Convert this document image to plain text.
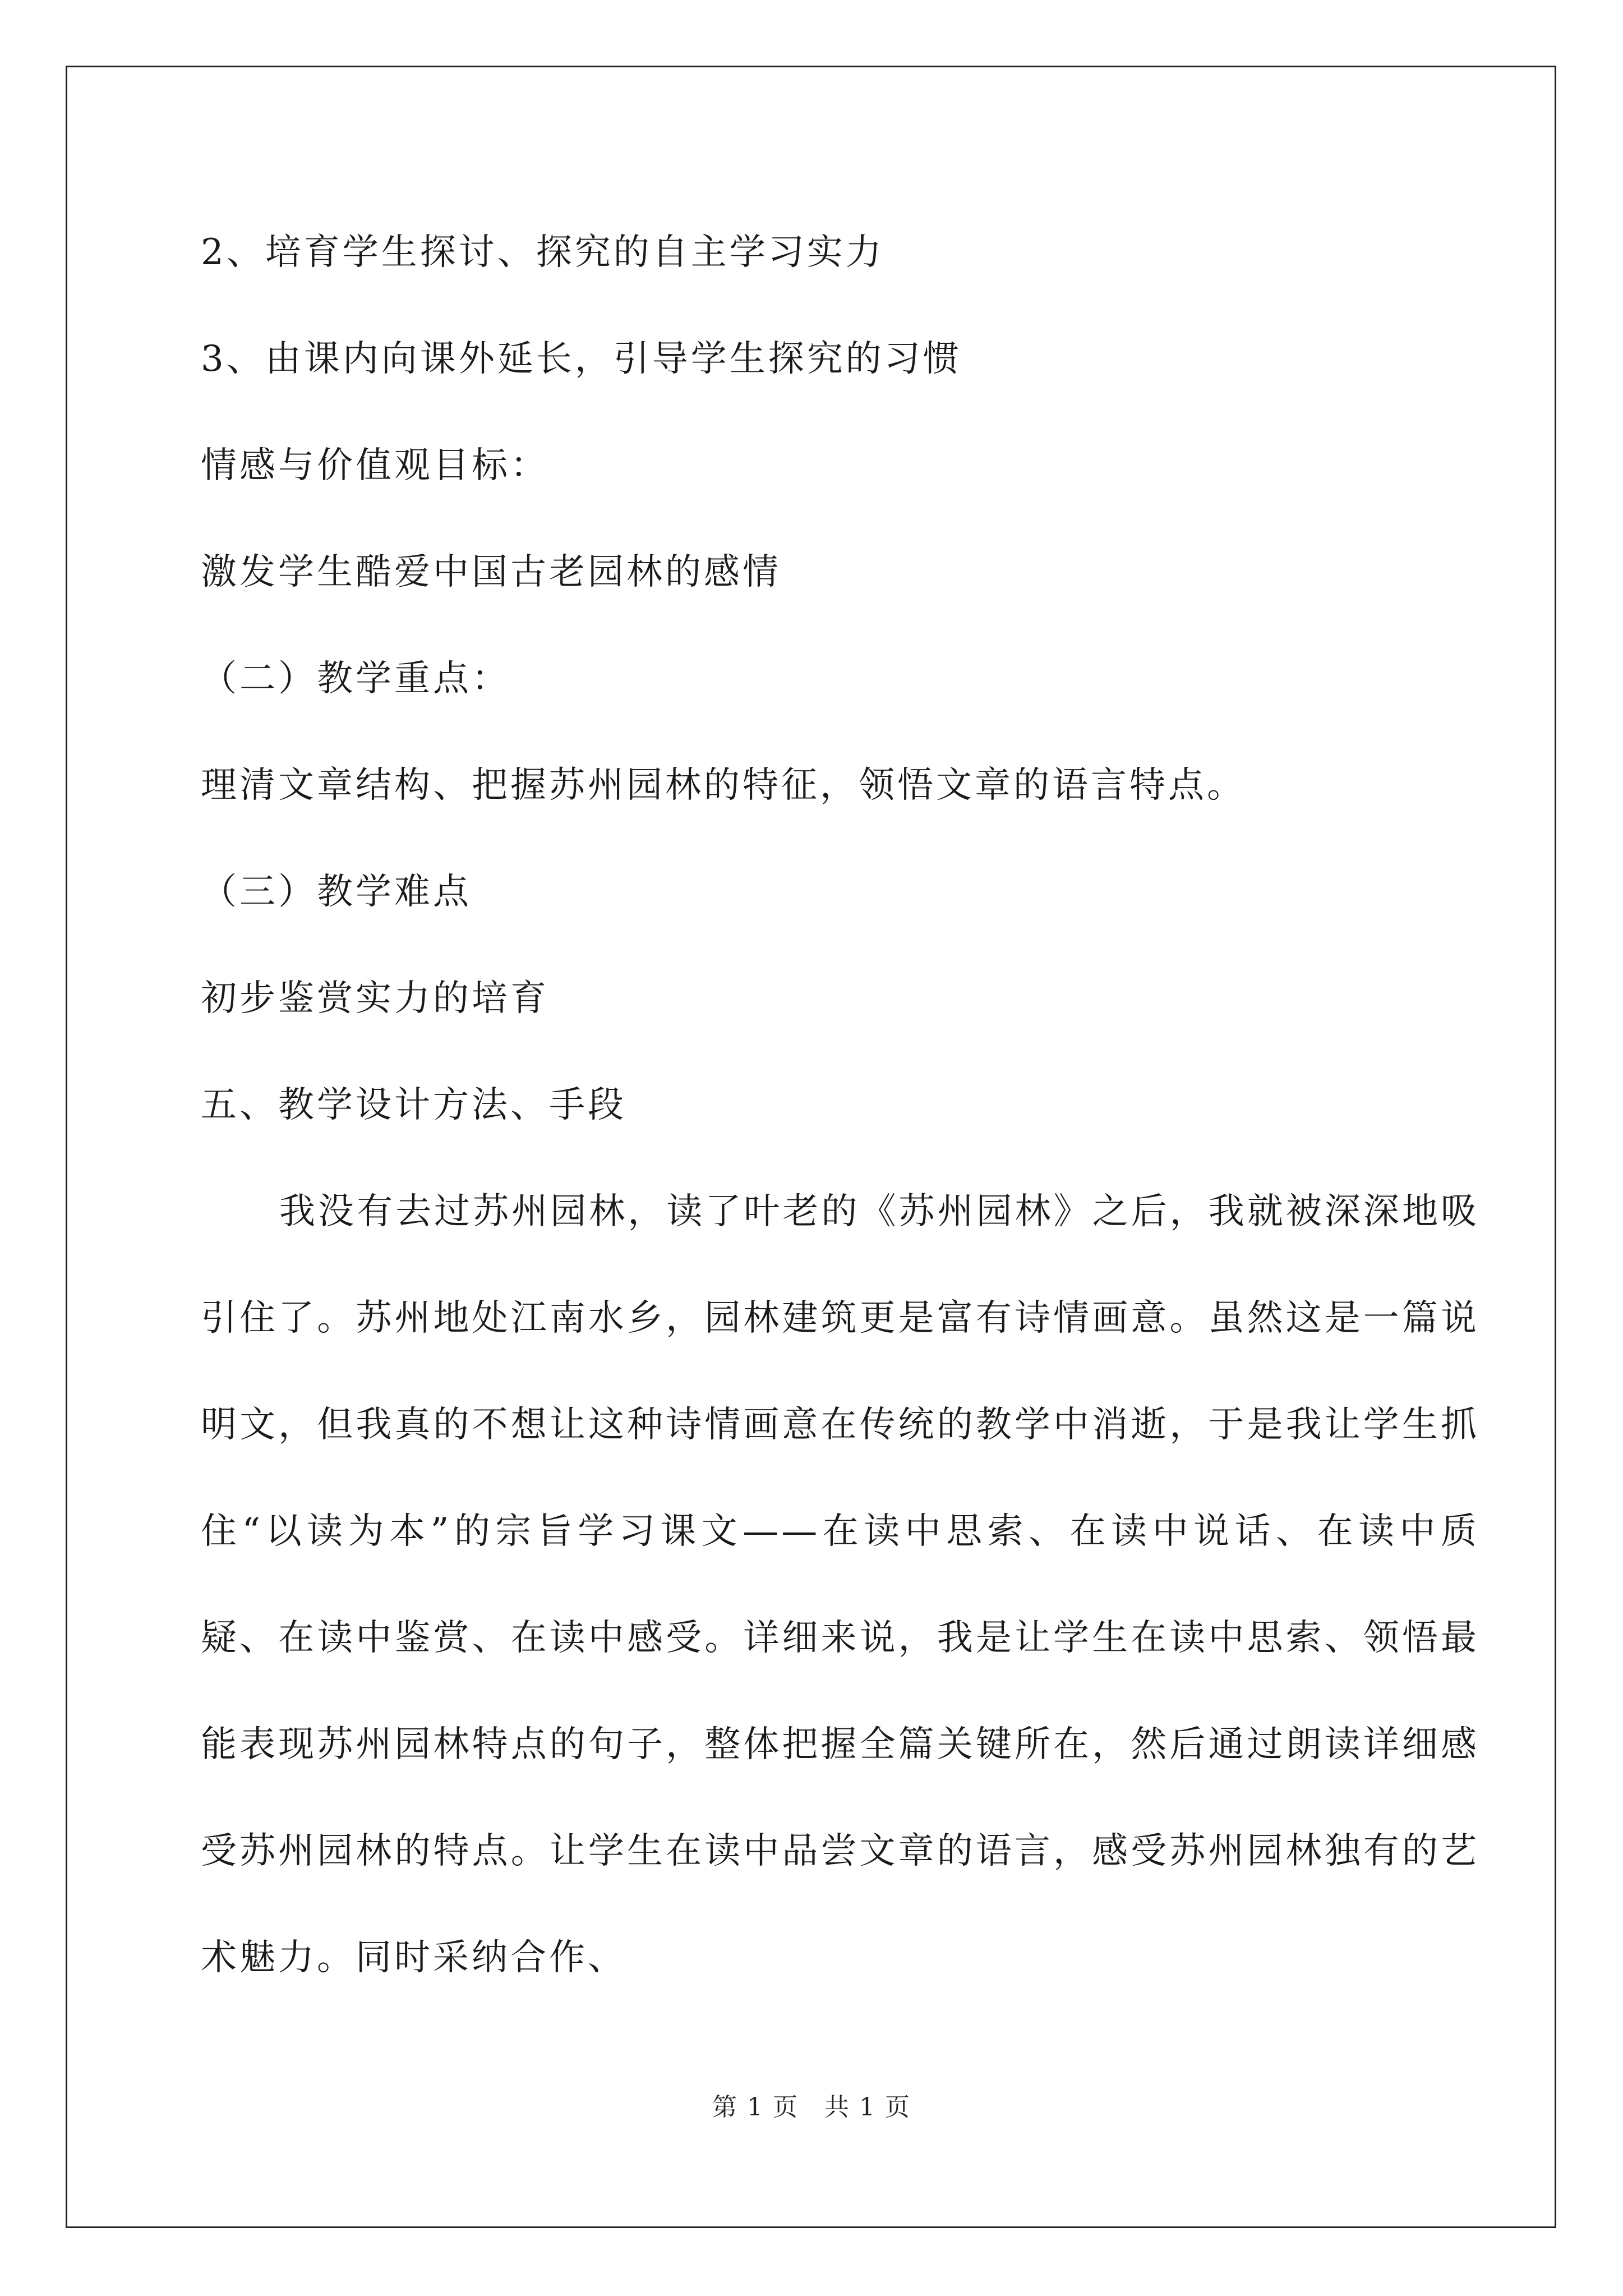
2、培育学生探讨、探究的自主学习实力

3、由课内向课外延长，引导学生探究的习惯

情感与价值观目标：

激发学生酷爱中国古老园林的感情

（二）教学重点：

理清文章结构、把握苏州园林的特征，领悟文章的语言特点。

（三）教学难点

初步鉴赏实力的培育

五、教学设计方法、手段

我没有去过苏州园林，读了叶老的《苏州园林》之后，我就被深深地吸引住了。苏州地处江南水乡，园林建筑更是富有诗情画意。虽然这是一篇说明文，但我真的不想让这种诗情画意在传统的教学中消逝，于是我让学生抓住“以读为本”的宗旨学习课文——在读中思索、在读中说话、在读中质疑、在读中鉴赏、在读中感受。详细来说，我是让学生在读中思索、领悟最能表现苏州园林特点的句子，整体把握全篇关键所在，然后通过朗读详细感受苏州园林的特点。让学生在读中品尝文章的语言，感受苏州园林独有的艺术魅力。同时采纳合作、

第 1 页　共 1 页
